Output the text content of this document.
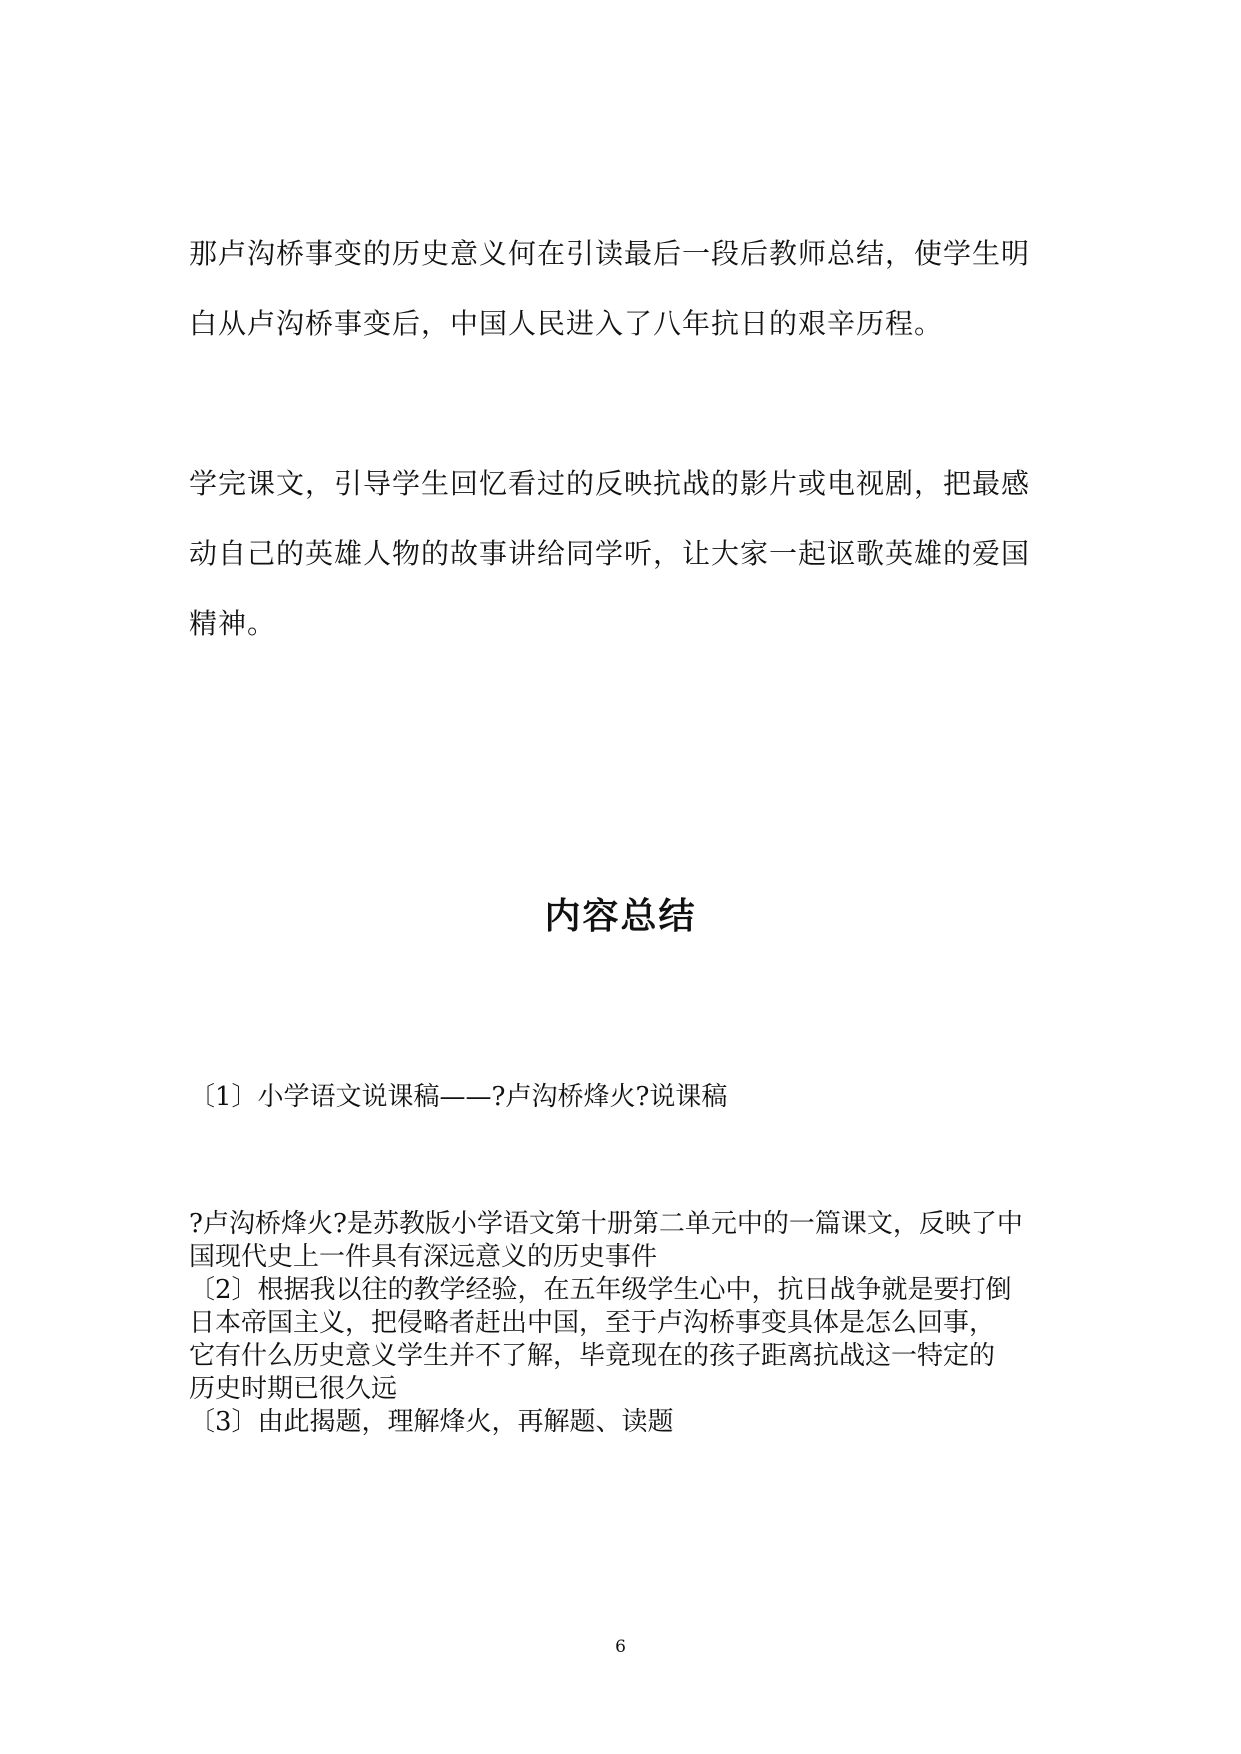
那卢沟桥事变的历史意义何在引读最后一段后教师总结，使学生明
白从卢沟桥事变后，中国人民进入了八年抗日的艰辛历程。
学完课文，引导学生回忆看过的反映抗战的影片或电视剧，把最感
动自己的英雄人物的故事讲给同学听，让大家一起讴歌英雄的爱国
精神。
内容总结

〔1〕小学语文说课稿——?卢沟桥烽火?说课稿

?卢沟桥烽火?是苏教版小学语文第十册第二单元中的一篇课文，反映了中
国现代史上一件具有深远意义的历史事件
〔2〕根据我以往的教学经验，在五年级学生心中，抗日战争就是要打倒
日本帝国主义，把侵略者赶出中国，至于卢沟桥事变具体是怎么回事，
它有什么历史意义学生并不了解，毕竟现在的孩子距离抗战这一特定的
历史时期已很久远
〔3〕由此揭题，理解烽火，再解题、读题

6
